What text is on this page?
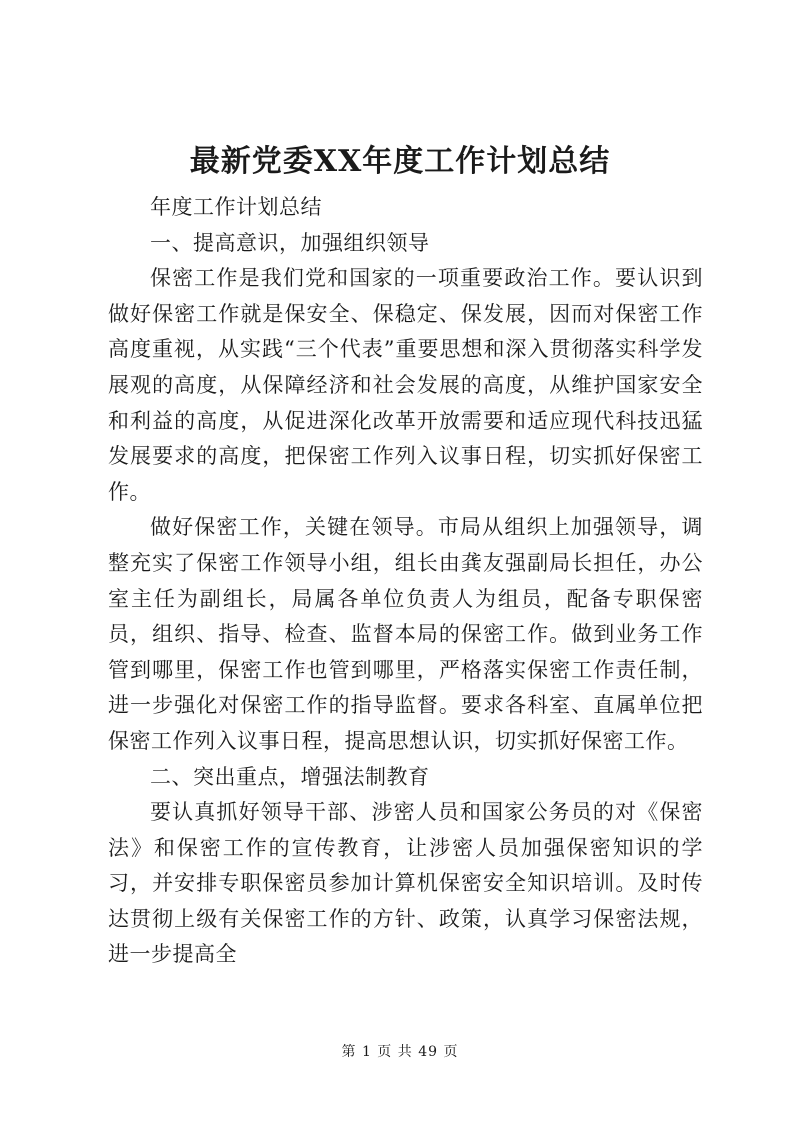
最新党委XX年度工作计划总结

年度工作计划总结

一、提高意识，加强组织领导

保密工作是我们党和国家的一项重要政治工作。要认识到做好保密工作就是保安全、保稳定、保发展，因而对保密工作高度重视，从实践“三个代表”重要思想和深入贯彻落实科学发展观的高度，从保障经济和社会发展的高度，从维护国家安全和利益的高度，从促进深化改革开放需要和适应现代科技迅猛发展要求的高度，把保密工作列入议事日程，切实抓好保密工作。

做好保密工作，关键在领导。市局从组织上加强领导，调整充实了保密工作领导小组，组长由龚友强副局长担任，办公室主任为副组长，局属各单位负责人为组员，配备专职保密员，组织、指导、检查、监督本局的保密工作。做到业务工作管到哪里，保密工作也管到哪里，严格落实保密工作责任制，进一步强化对保密工作的指导监督。要求各科室、直属单位把保密工作列入议事日程，提高思想认识，切实抓好保密工作。

二、突出重点，增强法制教育

要认真抓好领导干部、涉密人员和国家公务员的对《保密法》和保密工作的宣传教育，让涉密人员加强保密知识的学习，并安排专职保密员参加计算机保密安全知识培训。及时传达贯彻上级有关保密工作的方针、政策，认真学习保密法规，进一步提高全

第 1 页 共 49 页
